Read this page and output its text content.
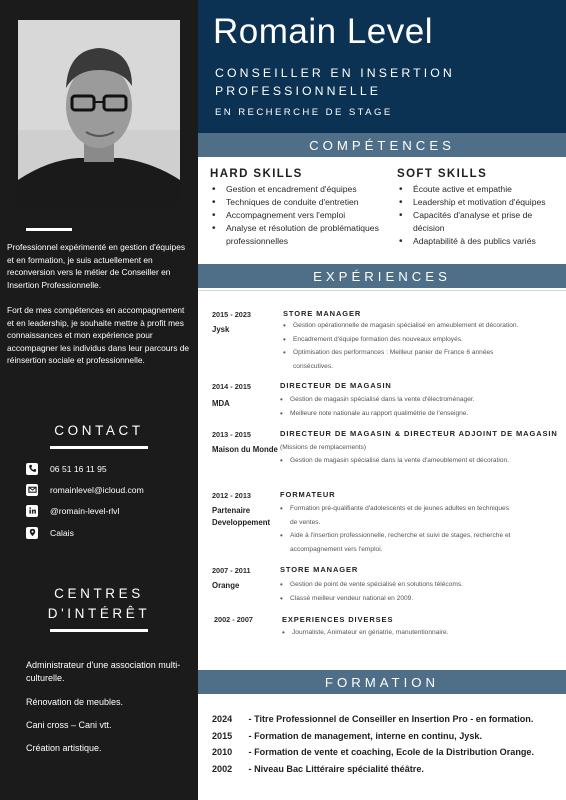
Professionnel expérimenté en gestion d'équipes et en formation, je suis actuellement en reconversion vers le métier de Conseiller en Insertion Professionnelle.

Fort de mes compétences en accompagnement et en leadership, je souhaite mettre à profit mes connaissances et mon expérience pour accompagner les individus dans leur parcours de réinsertion sociale et professionnelle.

CONTACT
06 51 16 11 95
romainlevel@icloud.com
@romain-level-rlvl
Calais
CENTRES
D'INTÉRÊT
Administrateur d'une association multi-culturelle.
Rénovation de meubles.
Cani cross – Cani vtt.
Création artistique.
Romain Level
CONSEILLER EN INSERTION PROFESSIONNELLE
EN RECHERCHE DE STAGE
COMPÉTENCES
HARD SKILLS
• Gestion et encadrement d'équipes
• Techniques de conduite d'entretien
• Accompagnement vers l'emploi
• Analyse et résolution de problématiques professionnelles
SOFT SKILLS
• Écoute active et empathie
• Leadership et motivation d'équipes
• Capacités d'analyse et prise de décision
• Adaptabilité à des publics variés
EXPÉRIENCES
2015 - 2023
Jysk
STORE MANAGER
• Gestion opérationnelle de magasin spécialisé en ameublement et décoration.
• Encadrement d'équipe formation des nouveaux employés.
• Optimisation des performances : Meilleur panier de France 6 années consécutives.
2014 - 2015
MDA
DIRECTEUR DE MAGASIN
• Gestion de magasin spécialisé dans la vente d'électroménager.
• Meilleure note nationale au rapport qualimétrie de l'enseigne.
2013 - 2015
Maison du Monde
DIRECTEUR DE MAGASIN & DIRECTEUR ADJOINT DE MAGASIN
(Missions de remplacements)
• Gestion de magasin spécialisé dans la vente d'ameublement et décoration.
2012 - 2013
Partenaire Developpement
FORMATEUR
• Formation pré-qualifiante d'adolescents et de jeunes adultes en techniques de ventes.
• Aide à l'insertion professionnelle, recherche et suivi de stages, recherche et accompagnement vers l'emploi.
2007 - 2011
Orange
STORE MANAGER
• Gestion de point de vente spécialisé en solutions télécoms.
• Classé meilleur vendeur national en 2009.
2002 - 2007	EXPERIENCES DIVERSES
• Journaliste, Animateur en gériatrie, manutentionnaire.
FORMATION
2024 - Titre Professionnel de Conseiller en Insertion Pro - en formation.
2015 - Formation de management, interne en continu, Jysk.
2010 - Formation de vente et coaching, Ecole de la Distribution Orange.
2002 - Niveau Bac Littéraire spécialité théâtre.
